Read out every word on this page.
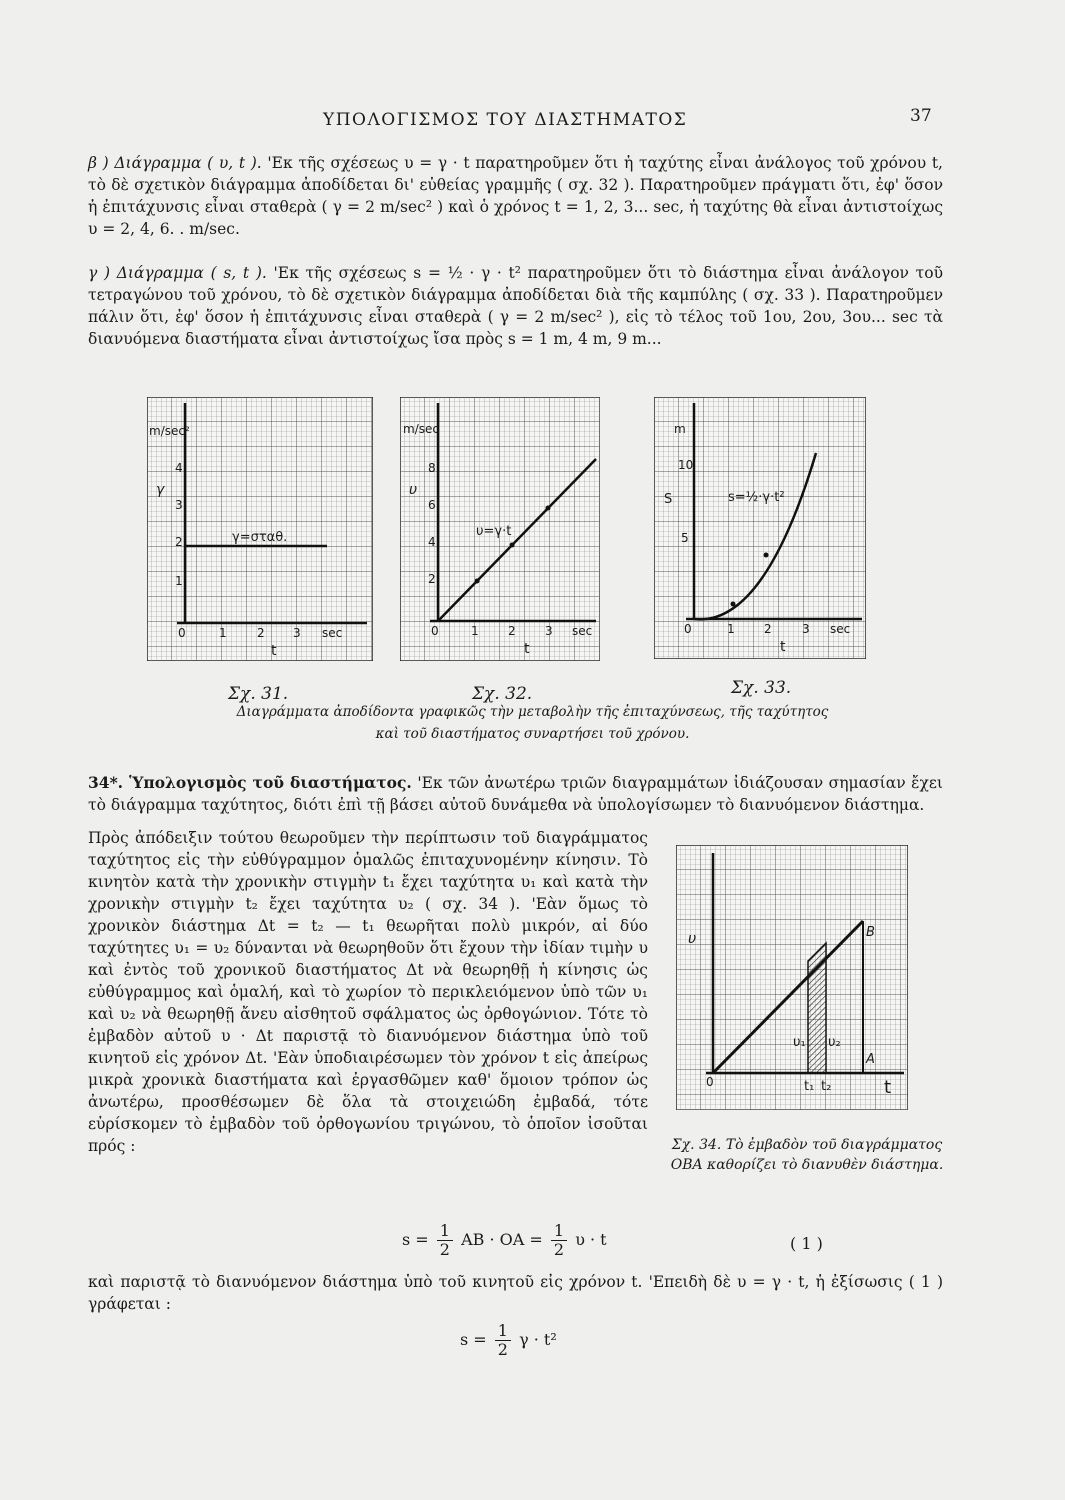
ΥΠΟΛΟΓΙΣΜΟΣ ΤΟΥ ΔΙΑΣΤΗΜΑΤΟΣ	37

β ) Διάγραμμα ( υ, t ). 'Εκ τῆς σχέσεως υ = γ · t παρατηροῦμεν ὅτι ἡ ταχύτης εἶναι ἀνάλογος τοῦ χρόνου t, τὸ δὲ σχετικὸν διάγραμμα ἀποδίδεται δι' εὐθείας γραμμῆς ( σχ. 32 ). Παρατηροῦμεν πράγματι ὅτι, ἐφ' ὅσον ἡ ἐπιτάχυνσις εἶναι σταθερὰ ( γ = 2 m/sec² ) καὶ ὁ χρόνος t = 1, 2, 3... sec, ἡ ταχύτης θὰ εἶναι ἀντιστοίχως υ = 2, 4, 6. . m/sec.

γ ) Διάγραμμα ( s, t ). 'Εκ τῆς σχέσεως s = ½ · γ · t² παρατηροῦμεν ὅτι τὸ διάστημα εἶναι ἀνάλογον τοῦ τετραγώνου τοῦ χρόνου, τὸ δὲ σχετικὸν διάγραμμα ἀποδίδεται διὰ τῆς καμπύλης ( σχ. 33 ). Παρατηροῦμεν πάλιν ὅτι, ἐφ' ὅσον ἡ ἐπιτάχυνσις εἶναι σταθερὰ ( γ = 2 m/sec² ), εἰς τὸ τέλος τοῦ 1ου, 2ου, 3ου... sec τὰ διανυόμενα διαστήματα εἶναι ἀντιστοίχως ἴσα πρὸς s = 1 m, 4 m, 9 m...

m/sec²
γ
γ=σταθ.
1
2
3
4
0	1	2 3 sec
t
m/sec
υ
υ=γ·t
2
4
6
8
0	1 2 3 sec
t
m
S	s=½·γ·t²
5
10
0	1 2	3 sec
t
Σχ. 31.	Σχ. 32.	Σχ. 33.
Διαγράμματα ἀποδίδοντα γραφικῶς τὴν μεταβολὴν τῆς ἐπιταχύνσεως, τῆς ταχύτητος
καὶ τοῦ διαστήματος συναρτήσει τοῦ χρόνου.

34*. Ὑπολογισμὸς τοῦ διαστήματος. 'Εκ τῶν ἀνωτέρω τριῶν διαγραμμάτων ἰδιάζουσαν σημασίαν ἔχει τὸ διάγραμμα ταχύτητος, διότι ἐπὶ τῇ βάσει αὐτοῦ δυνάμεθα νὰ ὑπολογίσωμεν τὸ διανυόμενον διάστημα.

Πρὸς ἀπόδειξιν τούτου θεωροῦμεν τὴν περίπτωσιν τοῦ διαγράμματος ταχύτητος εἰς τὴν εὐθύγραμμον ὁμαλῶς ἐπιταχυνομένην κίνησιν. Τὸ κινητὸν κατὰ τὴν χρονικὴν στιγμὴν t₁ ἔχει ταχύτητα υ₁ καὶ κατὰ τὴν χρονικὴν στιγμὴν t₂ ἔχει ταχύτητα υ₂ ( σχ. 34 ). 'Εὰν ὅμως τὸ χρονικὸν διάστημα Δt = t₂ — t₁ θεωρῆται πολὺ μικρόν, αἱ δύο ταχύτητες υ₁ = υ₂ δύνανται νὰ θεωρηθοῦν ὅτι ἔχουν τὴν ἰδίαν τιμὴν υ καὶ ἐντὸς τοῦ χρονικοῦ διαστήματος Δt νὰ θεωρηθῇ ἡ κίνησις ὡς εὐθύγραμμος καὶ ὁμαλή, καὶ τὸ χωρίον τὸ περικλειόμενον ὑπὸ τῶν υ₁ καὶ υ₂ νὰ θεωρηθῇ ἄνευ αἰσθητοῦ σφάλματος ὡς ὀρθογώνιον. Τότε τὸ ἐμβαδὸν αὐτοῦ υ · Δt παριστᾷ τὸ διανυόμενον διάστημα ὑπὸ τοῦ κινητοῦ εἰς χρόνον Δt. 'Εὰν ὑποδιαιρέσωμεν τὸν χρόνον t εἰς ἀπείρως μικρὰ χρονικὰ διαστήματα καὶ ἐργασθῶμεν καθ' ὅμοιον τρόπον ὡς ἀνωτέρω, προσθέσωμεν δὲ ὅλα τὰ στοιχειώδη ἐμβαδά, τότε εὑρίσκομεν τὸ ἐμβαδὸν τοῦ ὀρθογωνίου τριγώνου, τὸ ὁποῖον ἰσοῦται πρός :

υ
0
B
A
υ₁ υ₂
t₁ t₂	t
Σχ. 34. Τὸ ἐμβαδὸν τοῦ διαγράμματος ΟΒΑ καθορίζει τὸ διανυθὲν διάστημα.
$s = \frac{1}{2}$ AB · OA = $\frac{1}{2}$ υ · t	( 1 )

καὶ παριστᾷ τὸ διανυόμενον διάστημα ὑπὸ τοῦ κινητοῦ εἰς χρόνον t. 'Επειδὴ δὲ υ = γ · t, ἡ ἐξίσωσις ( 1 ) γράφεται :

$s = \frac{1}{2}$ γ · t²
